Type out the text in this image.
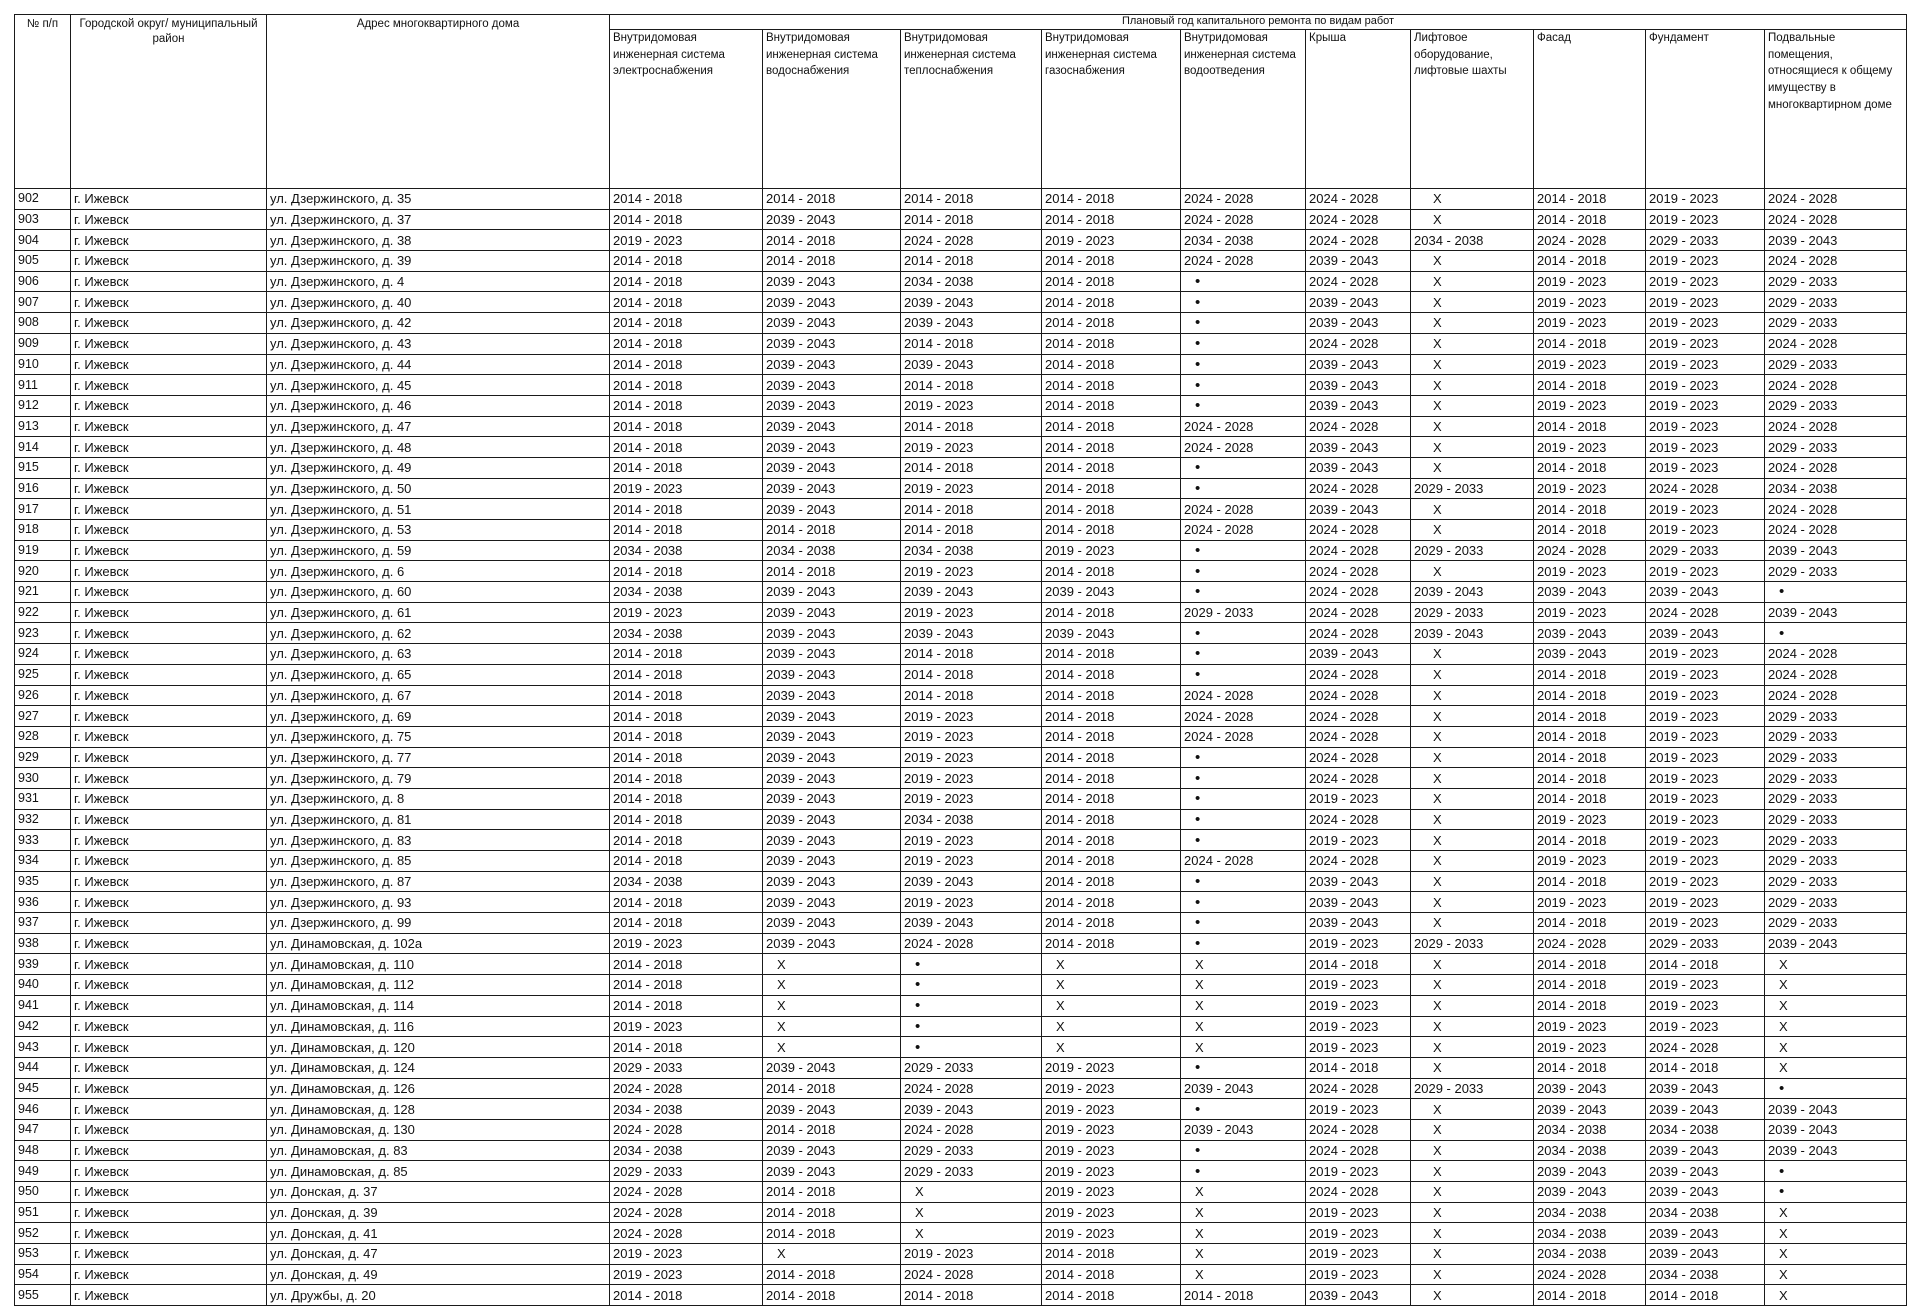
№ п/п	Городской округ/ муниципальный район	Адрес многоквартирного дома	Плановый год капитального ремонта по видам работ									
			Внутридомовая инженерная система электроснабжения	Внутридомовая инженерная система водоснабжения	Внутридомовая инженерная система теплоснабжения	Внутридомовая инженерная система газоснабжения	Внутридомовая инженерная система водоотведения	Крыша	Лифтовое оборудование, лифтовые шахты	Фасад	Фундамент	Подвальные помещения, относящиеся к общему имуществу в многоквартирном доме
902	г. Ижевск	ул. Дзержинского, д. 35	2014 - 2018	2014 - 2018	2014 - 2018	2014 - 2018	2024 - 2028	2024 - 2028	X	2014 - 2018	2019 - 2023	2024 - 2028
903	г. Ижевск	ул. Дзержинского, д. 37	2014 - 2018	2039 - 2043	2014 - 2018	2014 - 2018	2024 - 2028	2024 - 2028	X	2014 - 2018	2019 - 2023	2024 - 2028
904	г. Ижевск	ул. Дзержинского, д. 38	2019 - 2023	2014 - 2018	2024 - 2028	2019 - 2023	2034 - 2038	2024 - 2028	2034 - 2038	2024 - 2028	2029 - 2033	2039 - 2043
905	г. Ижевск	ул. Дзержинского, д. 39	2014 - 2018	2014 - 2018	2014 - 2018	2014 - 2018	2024 - 2028	2039 - 2043	X	2014 - 2018	2019 - 2023	2024 - 2028
906	г. Ижевск	ул. Дзержинского, д. 4	2014 - 2018	2039 - 2043	2034 - 2038	2014 - 2018	•	2024 - 2028	X	2019 - 2023	2019 - 2023	2029 - 2033
907	г. Ижевск	ул. Дзержинского, д. 40	2014 - 2018	2039 - 2043	2039 - 2043	2014 - 2018	•	2039 - 2043	X	2019 - 2023	2019 - 2023	2029 - 2033
908	г. Ижевск	ул. Дзержинского, д. 42	2014 - 2018	2039 - 2043	2039 - 2043	2014 - 2018	•	2039 - 2043	X	2019 - 2023	2019 - 2023	2029 - 2033
909	г. Ижевск	ул. Дзержинского, д. 43	2014 - 2018	2039 - 2043	2014 - 2018	2014 - 2018	•	2024 - 2028	X	2014 - 2018	2019 - 2023	2024 - 2028
910	г. Ижевск	ул. Дзержинского, д. 44	2014 - 2018	2039 - 2043	2039 - 2043	2014 - 2018	•	2039 - 2043	X	2019 - 2023	2019 - 2023	2029 - 2033
911	г. Ижевск	ул. Дзержинского, д. 45	2014 - 2018	2039 - 2043	2014 - 2018	2014 - 2018	•	2039 - 2043	X	2014 - 2018	2019 - 2023	2024 - 2028
912	г. Ижевск	ул. Дзержинского, д. 46	2014 - 2018	2039 - 2043	2019 - 2023	2014 - 2018	•	2039 - 2043	X	2019 - 2023	2019 - 2023	2029 - 2033
913	г. Ижевск	ул. Дзержинского, д. 47	2014 - 2018	2039 - 2043	2014 - 2018	2014 - 2018	2024 - 2028	2024 - 2028	X	2014 - 2018	2019 - 2023	2024 - 2028
914	г. Ижевск	ул. Дзержинского, д. 48	2014 - 2018	2039 - 2043	2019 - 2023	2014 - 2018	2024 - 2028	2039 - 2043	X	2019 - 2023	2019 - 2023	2029 - 2033
915	г. Ижевск	ул. Дзержинского, д. 49	2014 - 2018	2039 - 2043	2014 - 2018	2014 - 2018	•	2039 - 2043	X	2014 - 2018	2019 - 2023	2024 - 2028
916	г. Ижевск	ул. Дзержинского, д. 50	2019 - 2023	2039 - 2043	2019 - 2023	2014 - 2018	•	2024 - 2028	2029 - 2033	2019 - 2023	2024 - 2028	2034 - 2038
917	г. Ижевск	ул. Дзержинского, д. 51	2014 - 2018	2039 - 2043	2014 - 2018	2014 - 2018	2024 - 2028	2039 - 2043	X	2014 - 2018	2019 - 2023	2024 - 2028
918	г. Ижевск	ул. Дзержинского, д. 53	2014 - 2018	2014 - 2018	2014 - 2018	2014 - 2018	2024 - 2028	2024 - 2028	X	2014 - 2018	2019 - 2023	2024 - 2028
919	г. Ижевск	ул. Дзержинского, д. 59	2034 - 2038	2034 - 2038	2034 - 2038	2019 - 2023	•	2024 - 2028	2029 - 2033	2024 - 2028	2029 - 2033	2039 - 2043
920	г. Ижевск	ул. Дзержинского, д. 6	2014 - 2018	2014 - 2018	2019 - 2023	2014 - 2018	•	2024 - 2028	X	2019 - 2023	2019 - 2023	2029 - 2033
921	г. Ижевск	ул. Дзержинского, д. 60	2034 - 2038	2039 - 2043	2039 - 2043	2039 - 2043	•	2024 - 2028	2039 - 2043	2039 - 2043	2039 - 2043	•
922	г. Ижевск	ул. Дзержинского, д. 61	2019 - 2023	2039 - 2043	2019 - 2023	2014 - 2018	2029 - 2033	2024 - 2028	2029 - 2033	2019 - 2023	2024 - 2028	2039 - 2043
923	г. Ижевск	ул. Дзержинского, д. 62	2034 - 2038	2039 - 2043	2039 - 2043	2039 - 2043	•	2024 - 2028	2039 - 2043	2039 - 2043	2039 - 2043	•
924	г. Ижевск	ул. Дзержинского, д. 63	2014 - 2018	2039 - 2043	2014 - 2018	2014 - 2018	•	2039 - 2043	X	2039 - 2043	2019 - 2023	2024 - 2028
925	г. Ижевск	ул. Дзержинского, д. 65	2014 - 2018	2039 - 2043	2014 - 2018	2014 - 2018	•	2024 - 2028	X	2014 - 2018	2019 - 2023	2024 - 2028
926	г. Ижевск	ул. Дзержинского, д. 67	2014 - 2018	2039 - 2043	2014 - 2018	2014 - 2018	2024 - 2028	2024 - 2028	X	2014 - 2018	2019 - 2023	2024 - 2028
927	г. Ижевск	ул. Дзержинского, д. 69	2014 - 2018	2039 - 2043	2019 - 2023	2014 - 2018	2024 - 2028	2024 - 2028	X	2014 - 2018	2019 - 2023	2029 - 2033
928	г. Ижевск	ул. Дзержинского, д. 75	2014 - 2018	2039 - 2043	2019 - 2023	2014 - 2018	2024 - 2028	2024 - 2028	X	2014 - 2018	2019 - 2023	2029 - 2033
929	г. Ижевск	ул. Дзержинского, д. 77	2014 - 2018	2039 - 2043	2019 - 2023	2014 - 2018	•	2024 - 2028	X	2014 - 2018	2019 - 2023	2029 - 2033
930	г. Ижевск	ул. Дзержинского, д. 79	2014 - 2018	2039 - 2043	2019 - 2023	2014 - 2018	•	2024 - 2028	X	2014 - 2018	2019 - 2023	2029 - 2033
931	г. Ижевск	ул. Дзержинского, д. 8	2014 - 2018	2039 - 2043	2019 - 2023	2014 - 2018	•	2019 - 2023	X	2014 - 2018	2019 - 2023	2029 - 2033
932	г. Ижевск	ул. Дзержинского, д. 81	2014 - 2018	2039 - 2043	2034 - 2038	2014 - 2018	•	2024 - 2028	X	2019 - 2023	2019 - 2023	2029 - 2033
933	г. Ижевск	ул. Дзержинского, д. 83	2014 - 2018	2039 - 2043	2019 - 2023	2014 - 2018	•	2019 - 2023	X	2014 - 2018	2019 - 2023	2029 - 2033
934	г. Ижевск	ул. Дзержинского, д. 85	2014 - 2018	2039 - 2043	2019 - 2023	2014 - 2018	2024 - 2028	2024 - 2028	X	2019 - 2023	2019 - 2023	2029 - 2033
935	г. Ижевск	ул. Дзержинского, д. 87	2034 - 2038	2039 - 2043	2039 - 2043	2014 - 2018	•	2039 - 2043	X	2014 - 2018	2019 - 2023	2029 - 2033
936	г. Ижевск	ул. Дзержинского, д. 93	2014 - 2018	2039 - 2043	2019 - 2023	2014 - 2018	•	2039 - 2043	X	2019 - 2023	2019 - 2023	2029 - 2033
937	г. Ижевск	ул. Дзержинского, д. 99	2014 - 2018	2039 - 2043	2039 - 2043	2014 - 2018	•	2039 - 2043	X	2014 - 2018	2019 - 2023	2029 - 2033
938	г. Ижевск	ул. Динамовская, д. 102а	2019 - 2023	2039 - 2043	2024 - 2028	2014 - 2018	•	2019 - 2023	2029 - 2033	2024 - 2028	2029 - 2033	2039 - 2043
939	г. Ижевск	ул. Динамовская, д. 110	2014 - 2018	X	•	X	X	2014 - 2018	X	2014 - 2018	2014 - 2018	X
940	г. Ижевск	ул. Динамовская, д. 112	2014 - 2018	X	•	X	X	2019 - 2023	X	2014 - 2018	2019 - 2023	X
941	г. Ижевск	ул. Динамовская, д. 114	2014 - 2018	X	•	X	X	2019 - 2023	X	2014 - 2018	2019 - 2023	X
942	г. Ижевск	ул. Динамовская, д. 116	2019 - 2023	X	•	X	X	2019 - 2023	X	2019 - 2023	2019 - 2023	X
943	г. Ижевск	ул. Динамовская, д. 120	2014 - 2018	X	•	X	X	2019 - 2023	X	2019 - 2023	2024 - 2028	X
944	г. Ижевск	ул. Динамовская, д. 124	2029 - 2033	2039 - 2043	2029 - 2033	2019 - 2023	•	2014 - 2018	X	2014 - 2018	2014 - 2018	X
945	г. Ижевск	ул. Динамовская, д. 126	2024 - 2028	2014 - 2018	2024 - 2028	2019 - 2023	2039 - 2043	2024 - 2028	2029 - 2033	2039 - 2043	2039 - 2043	•
946	г. Ижевск	ул. Динамовская, д. 128	2034 - 2038	2039 - 2043	2039 - 2043	2019 - 2023	•	2019 - 2023	X	2039 - 2043	2039 - 2043	2039 - 2043
947	г. Ижевск	ул. Динамовская, д. 130	2024 - 2028	2014 - 2018	2024 - 2028	2019 - 2023	2039 - 2043	2024 - 2028	X	2034 - 2038	2034 - 2038	2039 - 2043
948	г. Ижевск	ул. Динамовская, д. 83	2034 - 2038	2039 - 2043	2029 - 2033	2019 - 2023	•	2024 - 2028	X	2034 - 2038	2039 - 2043	2039 - 2043
949	г. Ижевск	ул. Динамовская, д. 85	2029 - 2033	2039 - 2043	2029 - 2033	2019 - 2023	•	2019 - 2023	X	2039 - 2043	2039 - 2043	•
950	г. Ижевск	ул. Донская, д. 37	2024 - 2028	2014 - 2018	X	2019 - 2023	X	2024 - 2028	X	2039 - 2043	2039 - 2043	•
951	г. Ижевск	ул. Донская, д. 39	2024 - 2028	2014 - 2018	X	2019 - 2023	X	2019 - 2023	X	2034 - 2038	2034 - 2038	X
952	г. Ижевск	ул. Донская, д. 41	2024 - 2028	2014 - 2018	X	2019 - 2023	X	2019 - 2023	X	2034 - 2038	2039 - 2043	X
953	г. Ижевск	ул. Донская, д. 47	2019 - 2023	X	2019 - 2023	2014 - 2018	X	2019 - 2023	X	2034 - 2038	2039 - 2043	X
954	г. Ижевск	ул. Донская, д. 49	2019 - 2023	2014 - 2018	2024 - 2028	2014 - 2018	X	2019 - 2023	X	2024 - 2028	2034 - 2038	X
955	г. Ижевск	ул. Дружбы, д. 20	2014 - 2018	2014 - 2018	2014 - 2018	2014 - 2018	2014 - 2018	2039 - 2043	X	2014 - 2018	2014 - 2018	X
